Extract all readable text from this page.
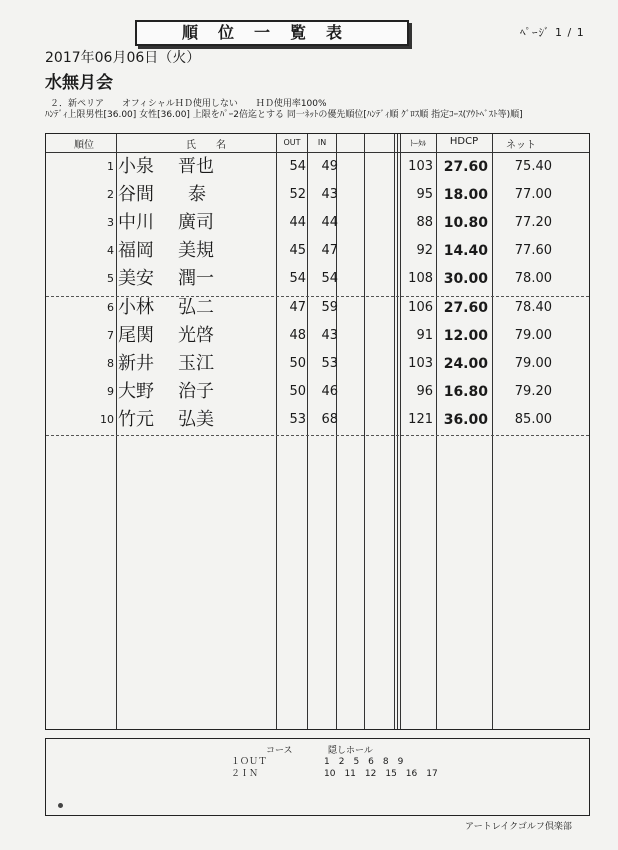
順位一覧表	ﾍﾟｰｼﾞ 1 / 1
2017年06月06日（火）
水無月会
２．新ペリア　　オフィシャルＨＤ使用しない　　ＨＤ使用率100%
ﾊﾝﾃﾞｨ上限男性[36.00] 女性[36.00] 上限をﾊﾟｰ2倍迄とする 同一ﾈｯﾄの優先順位[ﾊﾝﾃﾞｨ順 ｸﾞﾛｽ順 指定ｺｰｽ(ｱｳﾄﾍﾞｽﾄ等)順]
順位	氏　　名	OUT	IN	ﾄｰﾀﾙ	HDCP	ネット
1 小泉 晋也	54	49	103 27.60	75.40
2 谷間 泰	52	43	95 18.00	77.00
3 中川 廣司	44	44	88 10.80	77.20
4 福岡 美規	45	47	92 14.40	77.60
5 美安 潤一	54	54	108 30.00	78.00
6 小林 弘二	47	59	106 27.60	78.40
7 尾関 光啓	48	43	91 12.00	79.00
8 新井 玉江	50	53	103 24.00	79.00
9 大野 治子	50	46	96 16.80	79.20
10 竹元 弘美	53	68	121 36.00	85.00
コース	隠しホール
１ＯＵＴ	1　2　5　6　8　9
２ＩＮ	10　11　12　15　16　17
アートレイクゴルフ倶楽部
